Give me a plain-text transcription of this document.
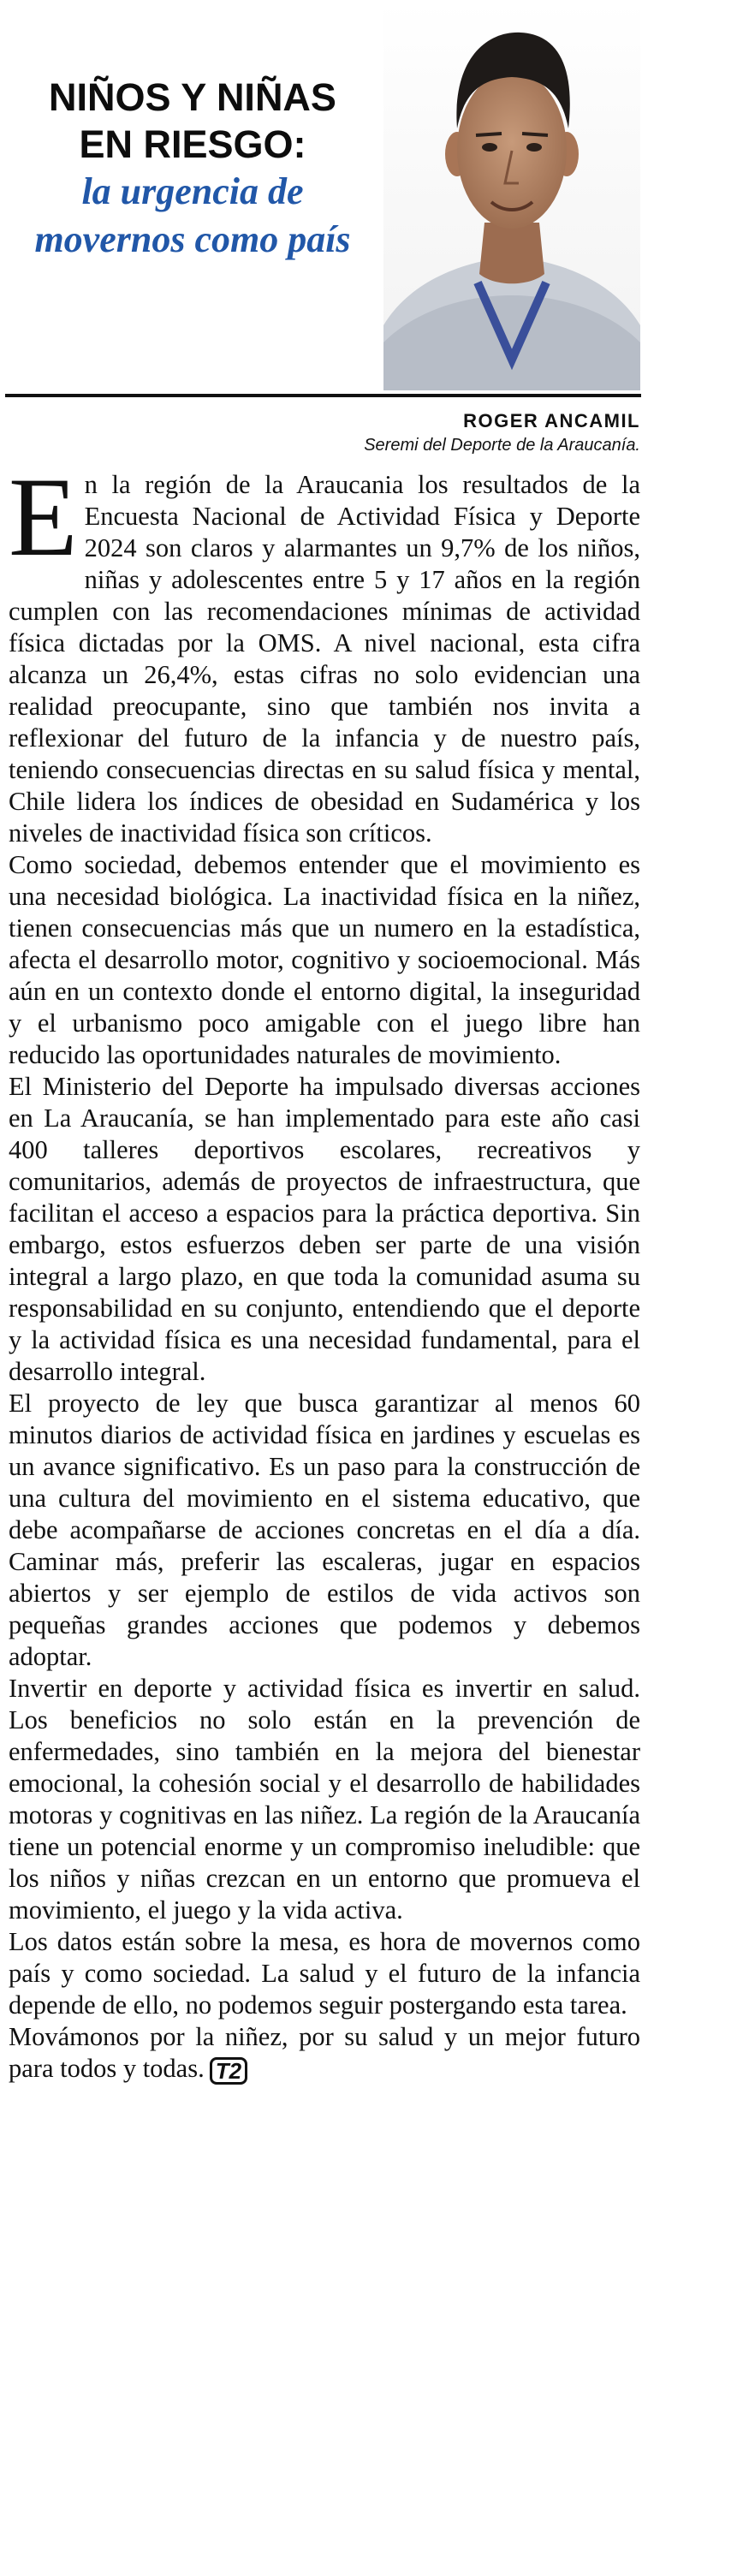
NIÑOS Y NIÑAS
EN RIESGO:
la urgencia de
movernos como país
ROGER ANCAMIL
Seremi del Deporte de la Araucanía.

En la región de la Araucania los resultados de la Encuesta Nacional de Actividad Física y Deporte 2024 son claros y alarmantes un 9,7% de los niños, niñas y adolescentes entre 5 y 17 años en la región cumplen con las recomendaciones mínimas de actividad física dictadas por la OMS. A nivel nacional, esta cifra alcanza un 26,4%, estas cifras no solo evidencian una realidad preocupante, sino que también nos invita a reflexionar del futuro de la infancia y de nuestro país, teniendo consecuencias directas en su salud física y mental, Chile lidera los índices de obesidad en Sudamérica y los niveles de inactividad física son críticos.

Como sociedad, debemos entender que el movimiento es una necesidad biológica. La inactividad física en la niñez, tienen consecuencias más que un numero en la estadística, afecta el desarrollo motor, cognitivo y socioemocional. Más aún en un contexto donde el entorno digital, la inseguridad y el urbanismo poco amigable con el juego libre han reducido las oportunidades naturales de movimiento.

El Ministerio del Deporte ha impulsado diversas acciones en La Araucanía, se han implementado para este año casi 400 talleres deportivos escolares, recreativos y comunitarios, además de proyectos de infraestructura, que facilitan el acceso a espacios para la práctica deportiva. Sin embargo, estos esfuerzos deben ser parte de una visión integral a largo plazo, en que toda la comunidad asuma su responsabilidad en su conjunto, entendiendo que el deporte y la actividad física es una necesidad fundamental, para el desarrollo integral.

El proyecto de ley que busca garantizar al menos 60 minutos diarios de actividad física en jardines y escuelas es un avance significativo. Es un paso para la construcción de una cultura del movimiento en el sistema educativo, que debe acompañarse de acciones concretas en el día a día. Caminar más, preferir las escaleras, jugar en espacios abiertos y ser ejemplo de estilos de vida activos son pequeñas grandes acciones que podemos y debemos adoptar.

Invertir en deporte y actividad física es invertir en salud. Los beneficios no solo están en la prevención de enfermedades, sino también en la mejora del bienestar emocional, la cohesión social y el desarrollo de habilidades motoras y cognitivas en las niñez. La región de la Araucanía tiene un potencial enorme y un compromiso ineludible: que los niños y niñas crezcan en un entorno que promueva el movimiento, el juego y la vida activa.

Los datos están sobre la mesa, es hora de movernos como país y como sociedad. La salud y el futuro de la infancia depende de ello, no podemos seguir postergando esta tarea.

Movámonos por la niñez, por su salud y un mejor futuro para todos y todas. T2
